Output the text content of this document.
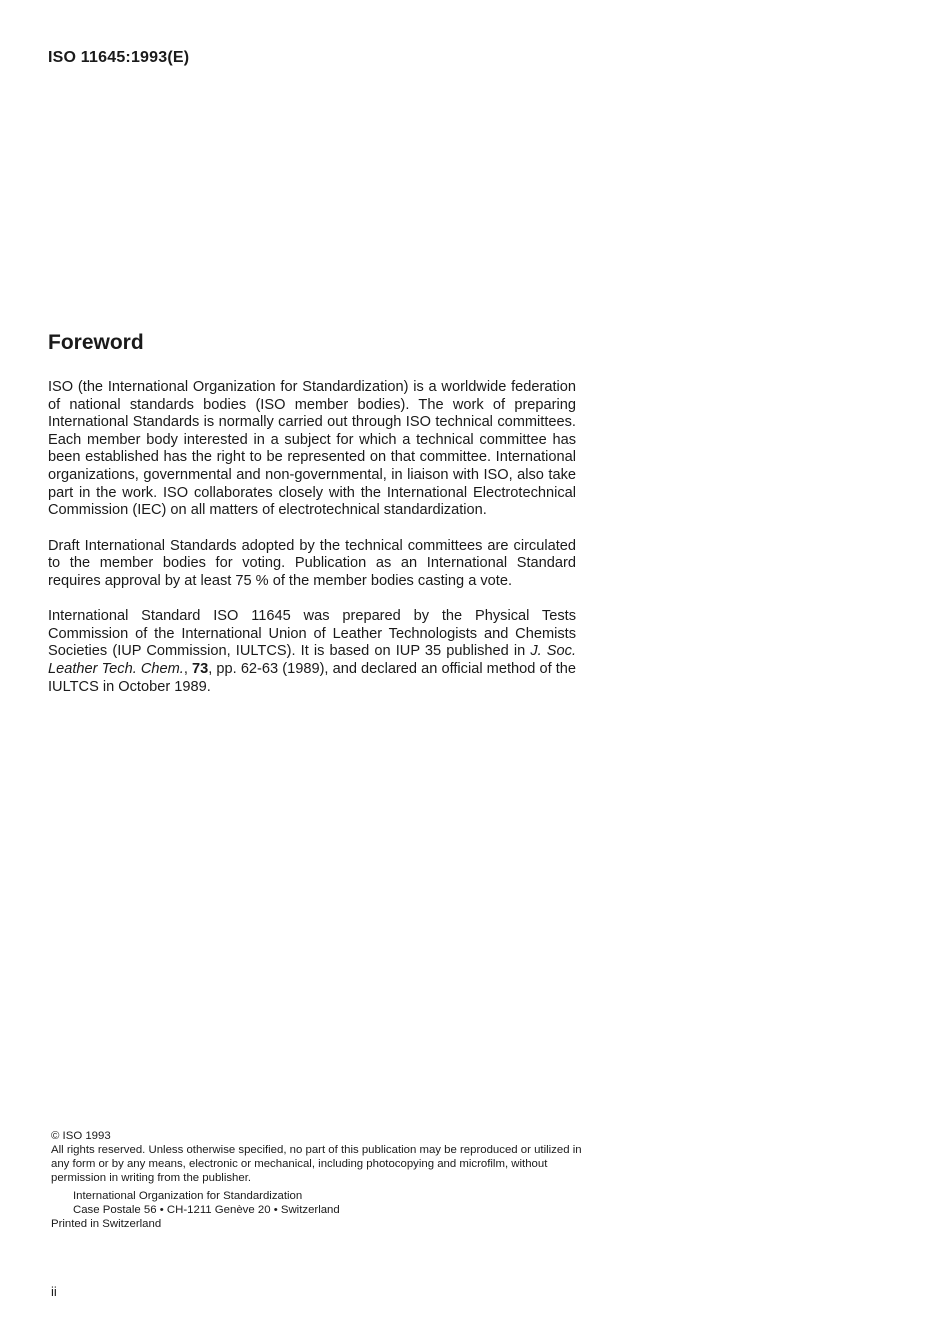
ISO 11645:1993(E)
Foreword

ISO (the International Organization for Standardization) is a worldwide federation of national standards bodies (ISO member bodies). The work of preparing International Standards is normally carried out through ISO technical committees. Each member body interested in a subject for which a technical committee has been established has the right to be represented on that committee. International organizations, governmental and non-governmental, in liaison with ISO, also take part in the work. ISO collaborates closely with the International Electrotechnical Commission (IEC) on all matters of electrotechnical standardization.

Draft International Standards adopted by the technical committees are circulated to the member bodies for voting. Publication as an International Standard requires approval by at least 75 % of the member bodies casting a vote.

International Standard ISO 11645 was prepared by the Physical Tests Commission of the International Union of Leather Technologists and Chemists Societies (IUP Commission, IULTCS). It is based on IUP 35 published in J. Soc. Leather Tech. Chem., 73, pp. 62-63 (1989), and declared an official method of the IULTCS in October 1989.

© ISO 1993

All rights reserved. Unless otherwise specified, no part of this publication may be reproduced or utilized in any form or by any means, electronic or mechanical, including photocopying and microfilm, without permission in writing from the publisher.

International Organization for Standardization

Case Postale 56 • CH-1211 Genève 20 • Switzerland

Printed in Switzerland

ii
